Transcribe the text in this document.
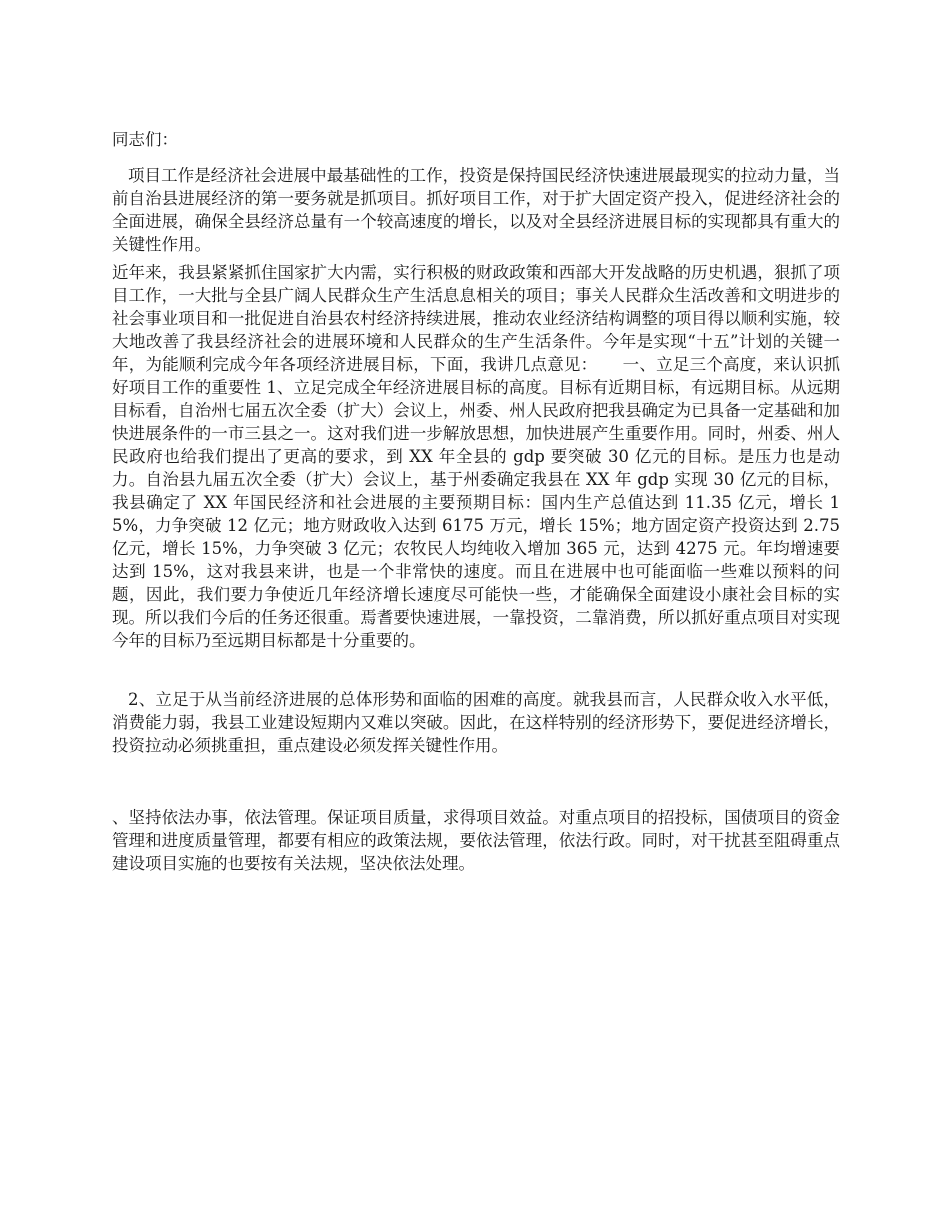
同志们：

项目工作是经济社会进展中最基础性的工作，投资是保持国民经济快速进展最现实的拉动力量，当前自治县进展经济的第一要务就是抓项目。抓好项目工作，对于扩大固定资产投入，促进经济社会的全面进展，确保全县经济总量有一个较高速度的增长，以及对全县经济进展目标的实现都具有重大的关键性作用。

近年来，我县紧紧抓住国家扩大内需，实行积极的财政政策和西部大开发战略的历史机遇，狠抓了项目工作，一大批与全县广阔人民群众生产生活息息相关的项目；事关人民群众生活改善和文明进步的社会事业项目和一批促进自治县农村经济持续进展，推动农业经济结构调整的项目得以顺利实施，较大地改善了我县经济社会的进展环境和人民群众的生产生活条件。今年是实现“十五”计划的关键一年，为能顺利完成今年各项经济进展目标，下面，我讲几点意见：　　一、立足三个高度，来认识抓好项目工作的重要性 1、立足完成全年经济进展目标的高度。目标有近期目标，有远期目标。从远期目标看，自治州七届五次全委（扩大）会议上，州委、州人民政府把我县确定为已具备一定基础和加快进展条件的一市三县之一。这对我们进一步解放思想，加快进展产生重要作用。同时，州委、州人民政府也给我们提出了更高的要求，到 XX 年全县的 gdp 要突破 30 亿元的目标。是压力也是动力。自治县九届五次全委（扩大）会议上，基于州委确定我县在 XX 年 gdp 实现 30 亿元的目标，我县确定了 XX 年国民经济和社会进展的主要预期目标：国内生产总值达到 11.35 亿元，增长 15%，力争突破 12 亿元；地方财政收入达到 6175 万元，增长 15%；地方固定资产投资达到 2.75 亿元，增长 15%，力争突破 3 亿元；农牧民人均纯收入增加 365 元，达到 4275 元。年均增速要达到 15%，这对我县来讲，也是一个非常快的速度。而且在进展中也可能面临一些难以预料的问题，因此，我们要力争使近几年经济增长速度尽可能快一些，才能确保全面建设小康社会目标的实现。所以我们今后的任务还很重。焉耆要快速进展，一靠投资，二靠消费，所以抓好重点项目对实现今年的目标乃至远期目标都是十分重要的。

2、立足于从当前经济进展的总体形势和面临的困难的高度。就我县而言，人民群众收入水平低，消费能力弱，我县工业建设短期内又难以突破。因此，在这样特别的经济形势下，要促进经济增长，投资拉动必须挑重担，重点建设必须发挥关键性作用。

、坚持依法办事，依法管理。保证项目质量，求得项目效益。对重点项目的招投标，国债项目的资金管理和进度质量管理，都要有相应的政策法规，要依法管理，依法行政。同时，对干扰甚至阻碍重点建设项目实施的也要按有关法规，坚决依法处理。
